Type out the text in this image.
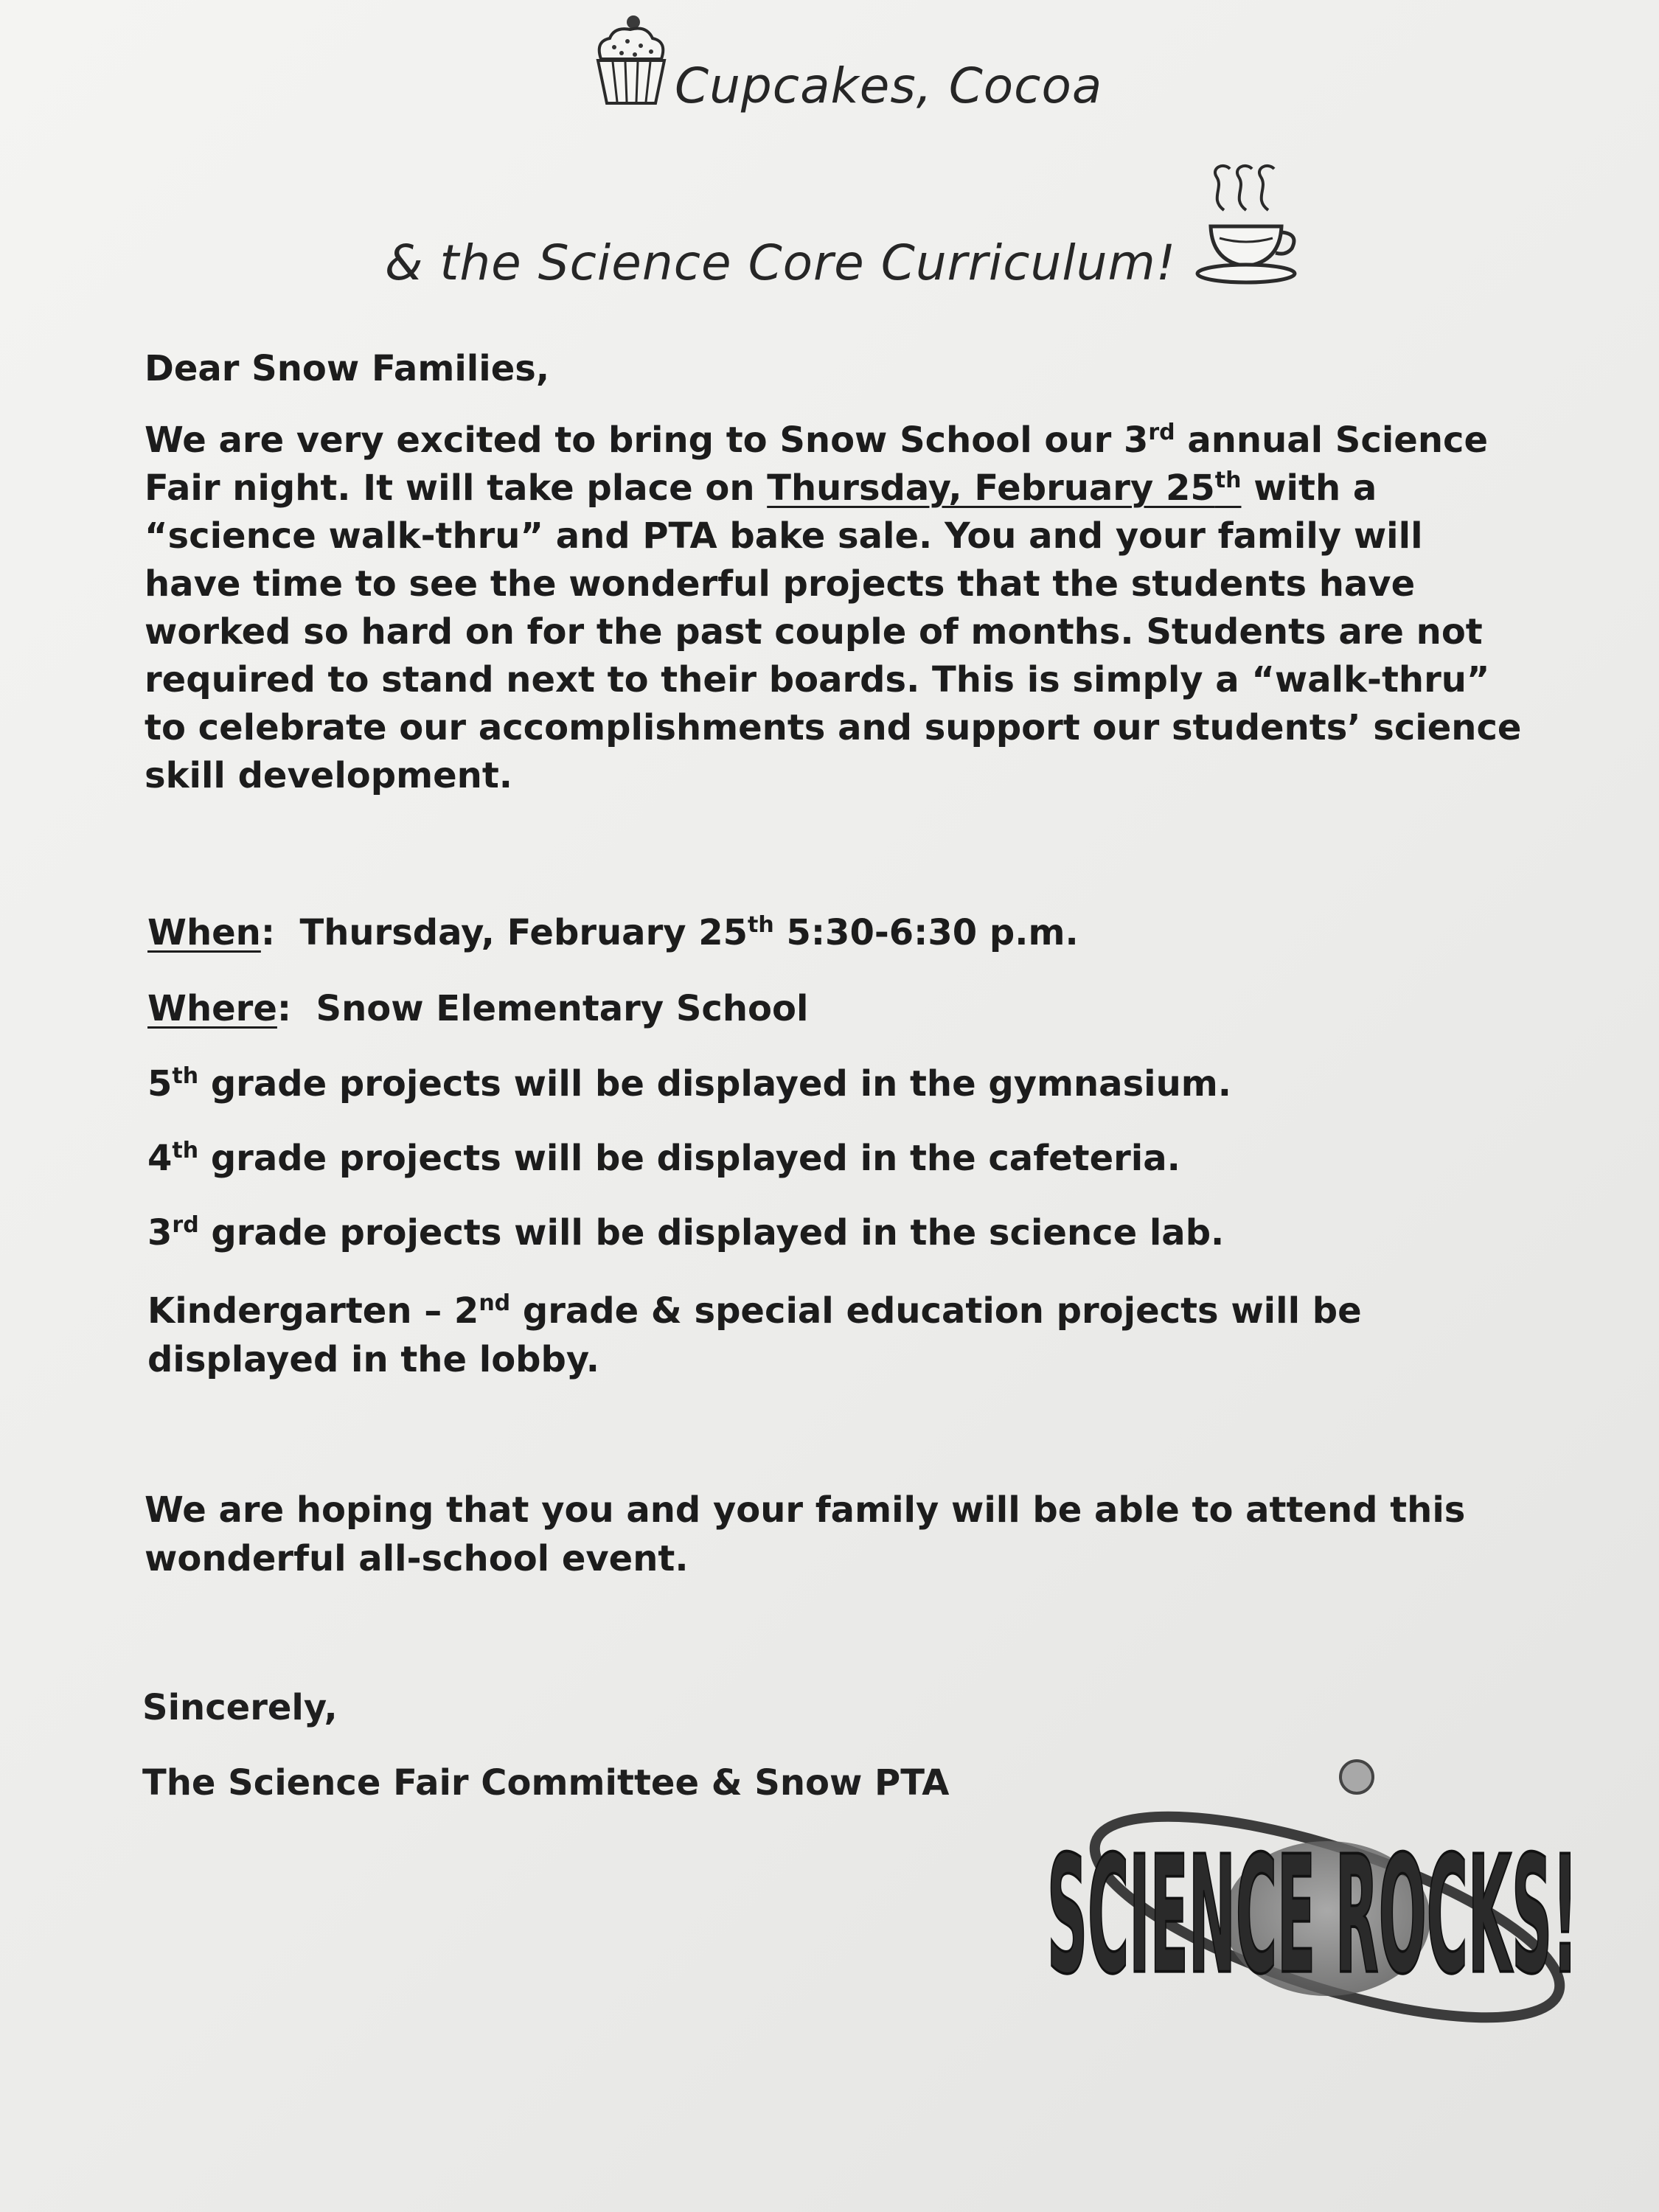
Cupcakes, Cocoa
& the Science Core Curriculum!
Dear Snow Families,
We are very excited to bring to Snow School our 3rd annual Science
Fair night. It will take place on Thursday, February 25th with a
“science walk-thru” and PTA bake sale. You and your family will
have time to see the wonderful projects that the students have
worked so hard on for the past couple of months. Students are not
required to stand next to their boards. This is simply a “walk-thru”
to celebrate our accomplishments and support our students’ science
skill development.
When:  Thursday, February 25th 5:30-6:30 p.m.
Where:  Snow Elementary School
5th grade projects will be displayed in the gymnasium.
4th grade projects will be displayed in the cafeteria.
3rd grade projects will be displayed in the science lab.
Kindergarten – 2nd grade & special education projects will be
displayed in the lobby.
We are hoping that you and your family will be able to attend this
wonderful all-school event.
Sincerely,
The Science Fair Committee & Snow PTA
SCIENCE ROCKS!
